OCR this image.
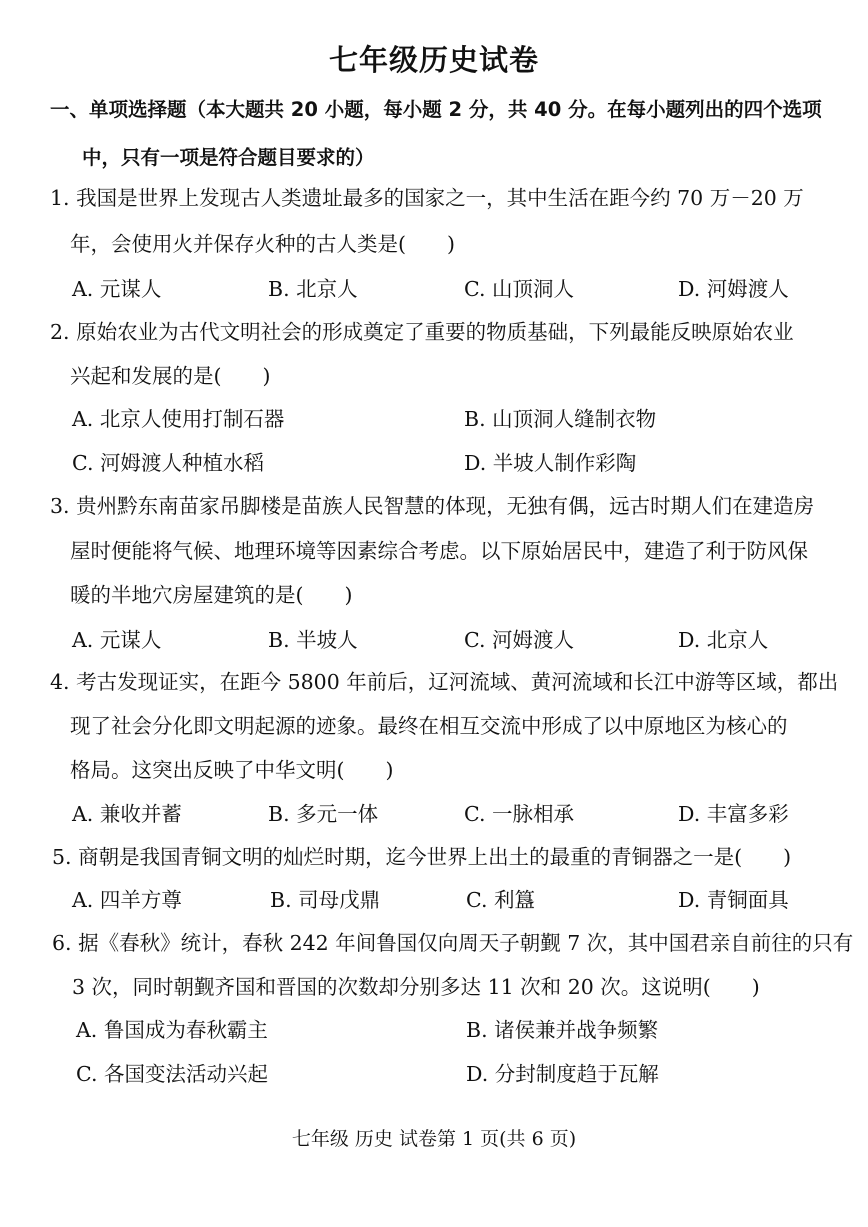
七年级历史试卷
一、单项选择题（本大题共 20 小题，每小题 2 分，共 40 分。在每小题列出的四个选项
中，只有一项是符合题目要求的）
1. 我国是世界上发现古人类遗址最多的国家之一，其中生活在距今约 70 万－20 万
年，会使用火并保存火种的古人类是(　　)
A. 元谋人	B. 北京人	C. 山顶洞人	D. 河姆渡人
2. 原始农业为古代文明社会的形成奠定了重要的物质基础，下列最能反映原始农业
兴起和发展的是(　　)
A. 北京人使用打制石器	B. 山顶洞人缝制衣物
C. 河姆渡人种植水稻	D. 半坡人制作彩陶
3. 贵州黔东南苗家吊脚楼是苗族人民智慧的体现，无独有偶，远古时期人们在建造房
屋时便能将气候、地理环境等因素综合考虑。以下原始居民中，建造了利于防风保
暖的半地穴房屋建筑的是(　　)
A. 元谋人	B. 半坡人	C. 河姆渡人	D. 北京人
4. 考古发现证实，在距今 5800 年前后，辽河流域、黄河流域和长江中游等区域，都出
现了社会分化即文明起源的迹象。最终在相互交流中形成了以中原地区为核心的
格局。这突出反映了中华文明(　　)
A. 兼收并蓄	B. 多元一体	C. 一脉相承	D. 丰富多彩
5. 商朝是我国青铜文明的灿烂时期，迄今世界上出土的最重的青铜器之一是(　　)
A. 四羊方尊	B. 司母戊鼎	C. 利簋	D. 青铜面具
6. 据《春秋》统计，春秋 242 年间鲁国仅向周天子朝觐 7 次，其中国君亲自前往的只有
3 次，同时朝觐齐国和晋国的次数却分别多达 11 次和 20 次。这说明(　　)
A. 鲁国成为春秋霸主	B. 诸侯兼并战争频繁
C. 各国变法活动兴起	D. 分封制度趋于瓦解
七年级 历史 试卷第 1 页(共 6 页)
